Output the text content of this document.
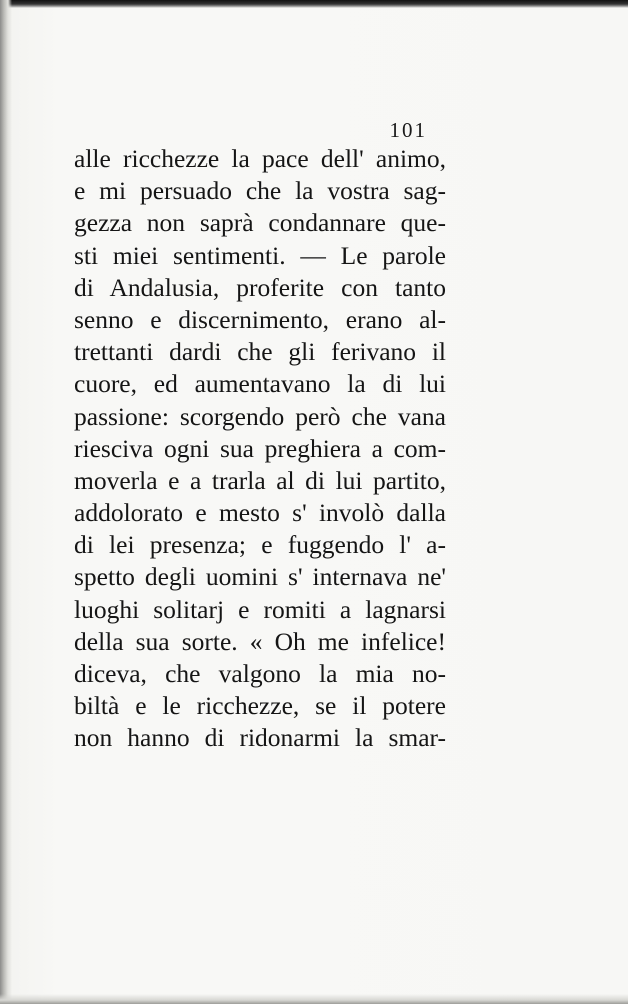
101
alle ricchezze la pace dell' animo,
e mi persuado che la vostra sag-
gezza non saprà condannare que-
sti miei sentimenti. — Le parole
di Andalusia, proferite con tanto
senno e discernimento, erano al-
trettanti dardi che gli ferivano il
cuore, ed aumentavano la di lui
passione: scorgendo però che vana
riesciva ogni sua preghiera a com-
moverla e a trarla al di lui partito,
addolorato e mesto s' involò dalla
di lei presenza; e fuggendo l' a-
spetto degli uomini s' internava ne'
luoghi solitarj e romiti a lagnarsi
della sua sorte. « Oh me infelice!
diceva, che valgono la mia no-
biltà e le ricchezze, se il potere
non hanno di ridonarmi la smar-
